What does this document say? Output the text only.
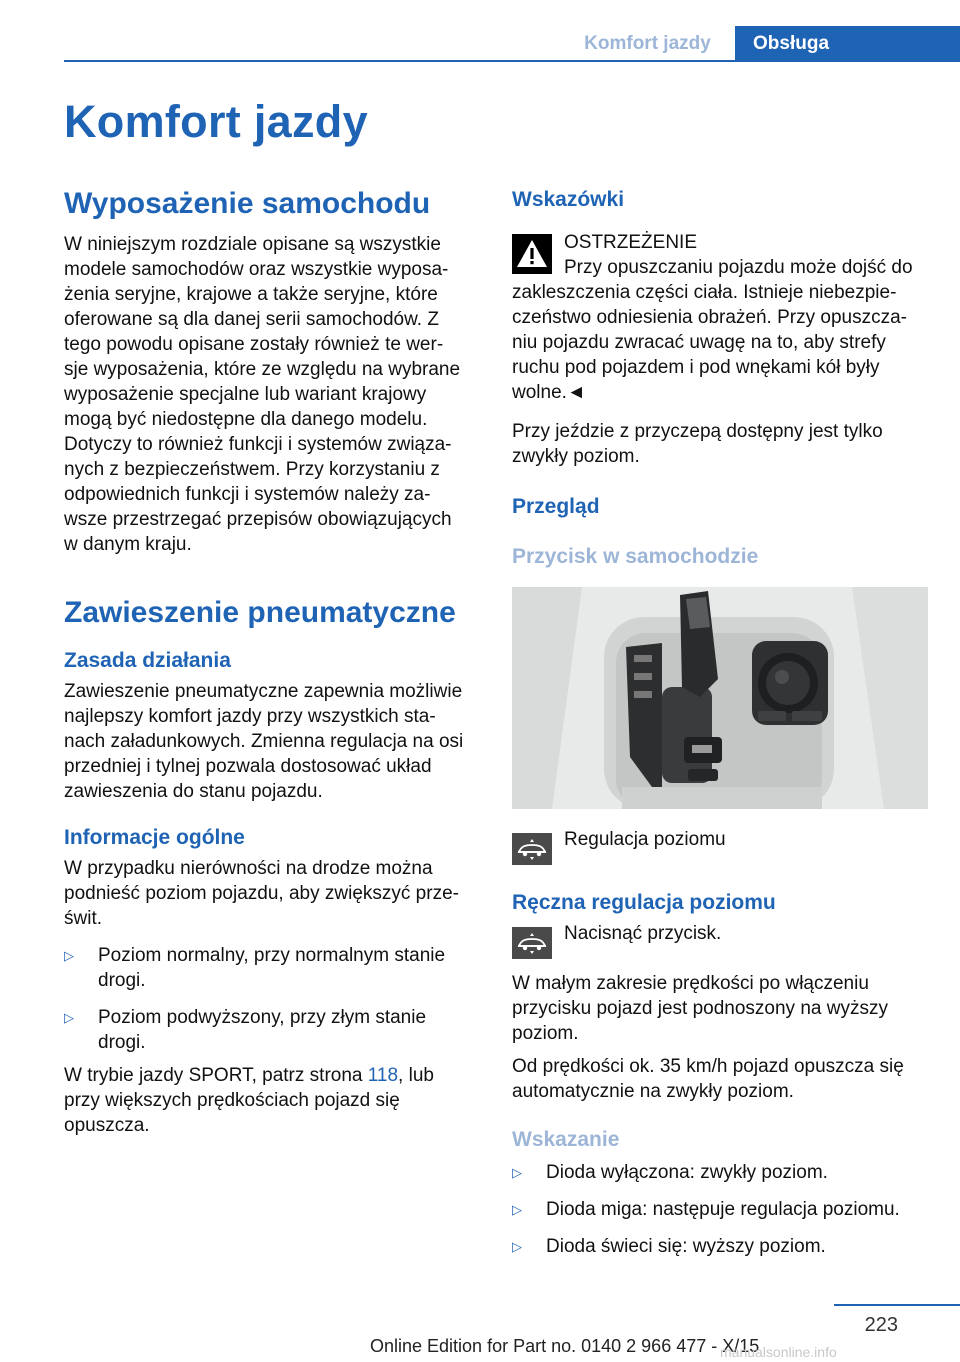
Komfort jazdy	Obsługa
Komfort jazdy
Wyposażenie samochodu
W niniejszym rozdziale opisane są wszystkie
modele samochodów oraz wszystkie wyposa‐
żenia seryjne, krajowe a także seryjne, które
oferowane są dla danej serii samochodów. Z
tego powodu opisane zostały również te wer‐
sje wyposażenia, które ze względu na wybrane
wyposażenie specjalne lub wariant krajowy
mogą być niedostępne dla danego modelu.
Dotyczy to również funkcji i systemów związa‐
nych z bezpieczeństwem. Przy korzystaniu z
odpowiednich funkcji i systemów należy za‐
wsze przestrzegać przepisów obowiązujących
w danym kraju.
Zawieszenie pneumatyczne
Zasada działania
Zawieszenie pneumatyczne zapewnia możliwie
najlepszy komfort jazdy przy wszystkich sta‐
nach załadunkowych. Zmienna regulacja na osi
przedniej i tylnej pozwala dostosować układ
zawieszenia do stanu pojazdu.
Informacje ogólne
W przypadku nierówności na drodze można
podnieść poziom pojazdu, aby zwiększyć prze‐
świt.
▷ Poziom normalny, przy normalnym stanie
drogi.
▷ Poziom podwyższony, przy złym stanie
drogi.
W trybie jazdy SPORT, patrz strona 118, lub
przy większych prędkościach pojazd się
opuszcza.
Wskazówki
OSTRZEŻENIE
Przy opuszczaniu pojazdu może dojść do
zakleszczenia części ciała. Istnieje niebezpie‐
czeństwo odniesienia obrażeń. Przy opuszcza‐
niu pojazdu zwracać uwagę na to, aby strefy
ruchu pod pojazdem i pod wnękami kół były
wolne.◄
Przy jeździe z przyczepą dostępny jest tylko
zwykły poziom.
Przegląd
Przycisk w samochodzie
Regulacja poziomu
Ręczna regulacja poziomu
Nacisnąć przycisk.
W małym zakresie prędkości po włączeniu
przycisku pojazd jest podnoszony na wyższy
poziom.
Od prędkości ok. 35 km/h pojazd opuszcza się
automatycznie na zwykły poziom.
Wskazanie
▷ Dioda wyłączona: zwykły poziom.
▷ Dioda miga: następuje regulacja poziomu.
▷ Dioda świeci się: wyższy poziom.
223
Online Edition for Part no. 0140 2 966 477 - X/15
manualsonline.info
